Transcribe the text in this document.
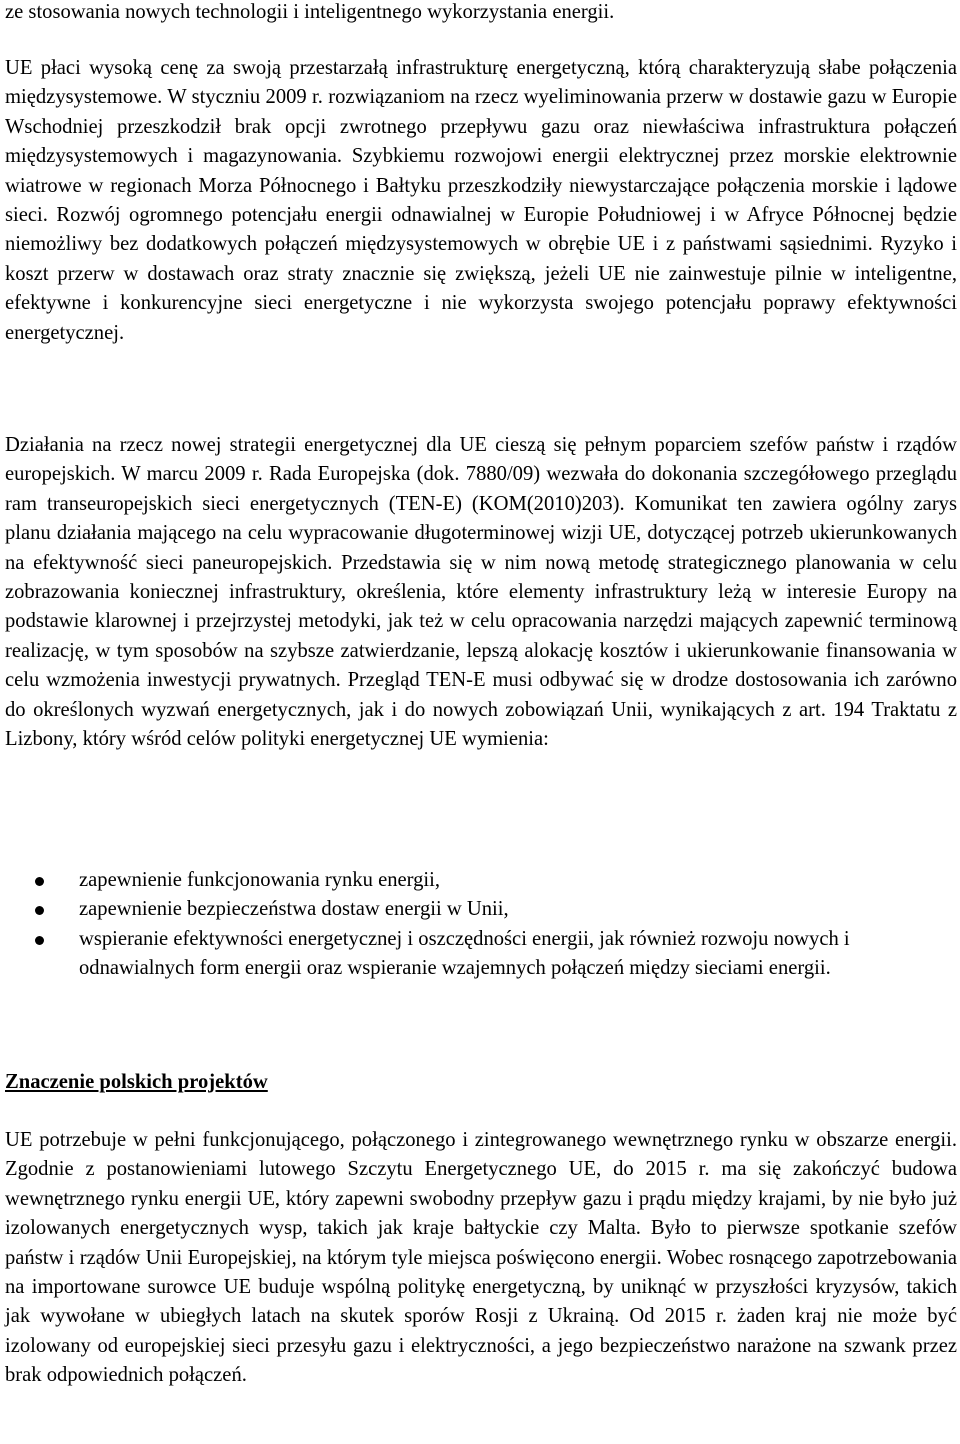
ze stosowania nowych technologii i inteligentnego wykorzystania energii.

UE płaci wysoką cenę za swoją przestarzałą infrastrukturę energetyczną, którą charakteryzują słabe połączenia międzysystemowe. W styczniu 2009 r. rozwiązaniom na rzecz wyeliminowania przerw w dostawie gazu w Europie Wschodniej przeszkodził brak opcji zwrotnego przepływu gazu oraz niewłaściwa infrastruktura połączeń międzysystemowych i magazynowania. Szybkiemu rozwojowi energii elektrycznej przez morskie elektrownie wiatrowe w regionach Morza Północnego i Bałtyku przeszkodziły niewystarczające połączenia morskie i lądowe sieci. Rozwój ogromnego potencjału energii odnawialnej w Europie Południowej i w Afryce Północnej będzie niemożliwy bez dodatkowych połączeń międzysystemowych w obrębie UE i z państwami sąsiednimi. Ryzyko i koszt przerw w dostawach oraz straty znacznie się zwiększą, jeżeli UE nie zainwestuje pilnie w inteligentne, efektywne i konkurencyjne sieci energetyczne i nie wykorzysta swojego potencjału poprawy efektywności energetycznej.

Działania na rzecz nowej strategii energetycznej dla UE cieszą się pełnym poparciem szefów państw i rządów europejskich. W marcu 2009 r. Rada Europejska (dok. 7880/09) wezwała do dokonania szczegółowego przeglądu ram transeuropejskich sieci energetycznych (TEN-E) (KOM(2010)203). Komunikat ten zawiera ogólny zarys planu działania mającego na celu wypracowanie długoterminowej wizji UE, dotyczącej potrzeb ukierunkowanych na efektywność sieci paneuropejskich. Przedstawia się w nim nową metodę strategicznego planowania w celu zobrazowania koniecznej infrastruktury, określenia, które elementy infrastruktury leżą w interesie Europy na podstawie klarownej i przejrzystej metodyki, jak też w celu opracowania narzędzi mających zapewnić terminową realizację, w tym sposobów na szybsze zatwierdzanie, lepszą alokację kosztów i ukierunkowanie finansowania w celu wzmożenia inwestycji prywatnych. Przegląd TEN-E musi odbywać się w drodze dostosowania ich zarówno do określonych wyzwań energetycznych, jak i do nowych zobowiązań Unii, wynikających z art. 194 Traktatu z Lizbony, który wśród celów polityki energetycznej UE wymienia:

zapewnienie funkcjonowania rynku energii,
zapewnienie bezpieczeństwa dostaw energii w Unii,
wspieranie efektywności energetycznej i oszczędności energii, jak również rozwoju nowych i odnawialnych form energii oraz wspieranie wzajemnych połączeń między sieciami energii.
Znaczenie polskich projektów

UE potrzebuje w pełni funkcjonującego, połączonego i zintegrowanego wewnętrznego rynku w obszarze energii. Zgodnie z postanowieniami lutowego Szczytu Energetycznego UE, do 2015 r. ma się zakończyć budowa wewnętrznego rynku energii UE, który zapewni swobodny przepływ gazu i prądu między krajami, by nie było już izolowanych energetycznych wysp, takich jak kraje bałtyckie czy Malta. Było to pierwsze spotkanie szefów państw i rządów Unii Europejskiej, na którym tyle miejsca poświęcono energii. Wobec rosnącego zapotrzebowania na importowane surowce UE buduje wspólną politykę energetyczną, by uniknąć w przyszłości kryzysów, takich jak wywołane w ubiegłych latach na skutek sporów Rosji z Ukrainą. Od 2015 r. żaden kraj nie może być izolowany od europejskiej sieci przesyłu gazu i elektryczności, a jego bezpieczeństwo narażone na szwank przez brak odpowiednich połączeń.
